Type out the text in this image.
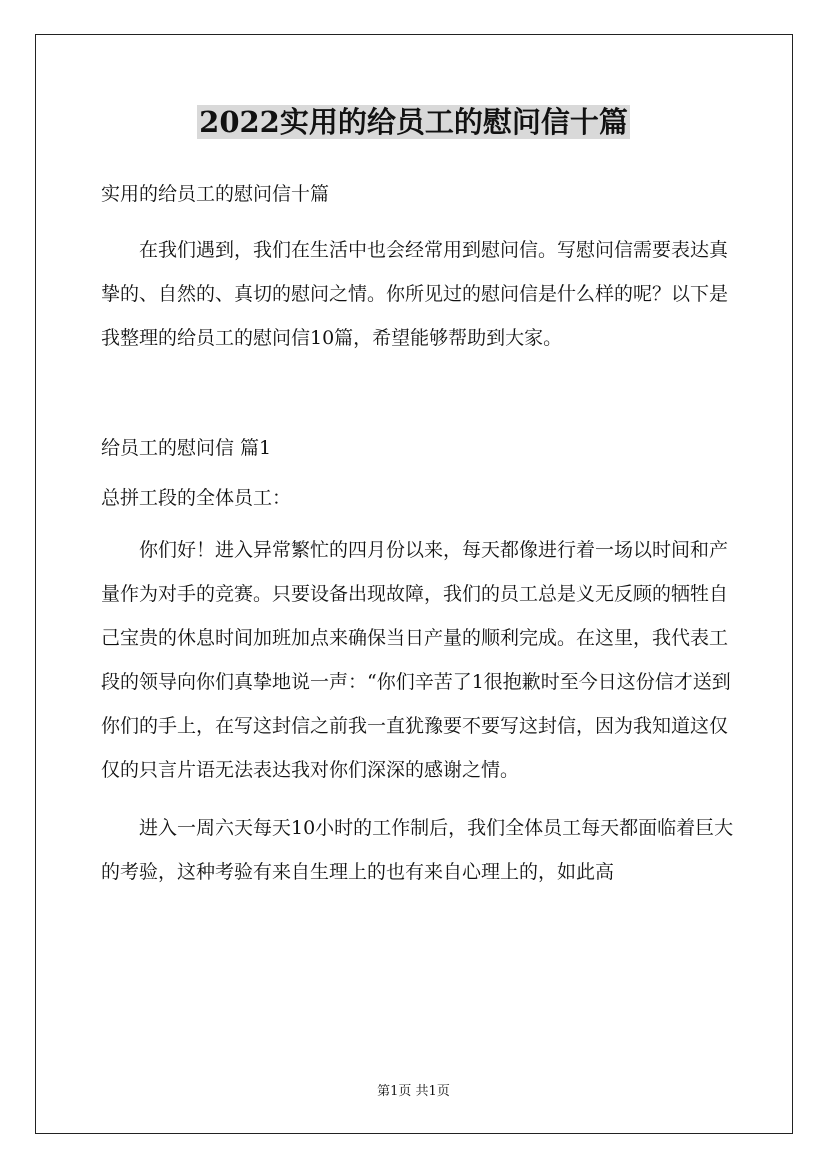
2022实用的给员工的慰问信十篇

实用的给员工的慰问信十篇

在我们遇到，我们在生活中也会经常用到慰问信。写慰问信需要表达真挚的、自然的、真切的慰问之情。你所见过的慰问信是什么样的呢？以下是我整理的给员工的慰问信10篇，希望能够帮助到大家。

给员工的慰问信 篇1

总拼工段的全体员工：

你们好！进入异常繁忙的四月份以来，每天都像进行着一场以时间和产量作为对手的竞赛。只要设备出现故障，我们的员工总是义无反顾的牺牲自己宝贵的休息时间加班加点来确保当日产量的顺利完成。在这里，我代表工段的领导向你们真挚地说一声：“你们辛苦了1很抱歉时至今日这份信才送到你们的手上，在写这封信之前我一直犹豫要不要写这封信，因为我知道这仅仅的只言片语无法表达我对你们深深的感谢之情。

进入一周六天每天10小时的工作制后，我们全体员工每天都面临着巨大的考验，这种考验有来自生理上的也有来自心理上的，如此高

第1页 共1页
